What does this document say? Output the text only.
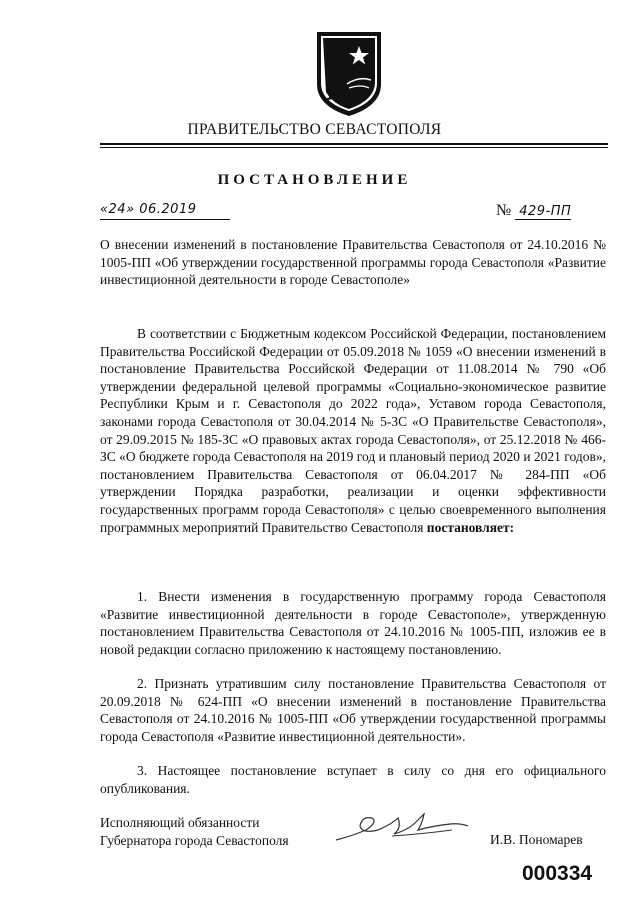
ПРАВИТЕЛЬСТВО СЕВАСТОПОЛЯ
ПОСТАНОВЛЕНИЕ
«24» 06.2019	№ 429-ПП
О внесении изменений в постановление Правительства Севастополя от 24.10.2016 № 1005-ПП «Об утверждении государственной программы города Севастополя «Развитие инвестиционной деятельности в городе Севастополе»
В соответствии с Бюджетным кодексом Российской Федерации, постановлением Правительства Российской Федерации от 05.09.2018 № 1059 «О внесении изменений в постановление Правительства Российской Федерации от 11.08.2014 № 790 «Об утверждении федеральной целевой программы «Социально-экономическое развитие Республики Крым и г. Севастополя до 2022 года», Уставом города Севастополя, законами города Севастополя от 30.04.2014 № 5-ЗС «О Правительстве Севастополя», от 29.09.2015 № 185-ЗС «О правовых актах города Севастополя», от 25.12.2018 № 466-ЗС «О бюджете города Севастополя на 2019 год и плановый период 2020 и 2021 годов», постановлением Правительства Севастополя от 06.04.2017 № 284-ПП «Об утверждении Порядка разработки, реализации и оценки эффективности государственных программ города Севастополя» с целью своевременного выполнения программных мероприятий Правительство Севастополя постановляет:
1. Внести изменения в государственную программу города Севастополя «Развитие инвестиционной деятельности в городе Севастополе», утвержденную постановлением Правительства Севастополя от 24.10.2016 № 1005-ПП, изложив ее в новой редакции согласно приложению к настоящему постановлению.
2. Признать утратившим силу постановление Правительства Севастополя от 20.09.2018 № 624-ПП «О внесении изменений в постановление Правительства Севастополя от 24.10.2016 № 1005-ПП «Об утверждении государственной программы города Севастополя «Развитие инвестиционной деятельности».
3. Настоящее постановление вступает в силу со дня его официального опубликования.
Исполняющий обязанности
Губернатора города Севастополя	И.В. Пономарев
000334
